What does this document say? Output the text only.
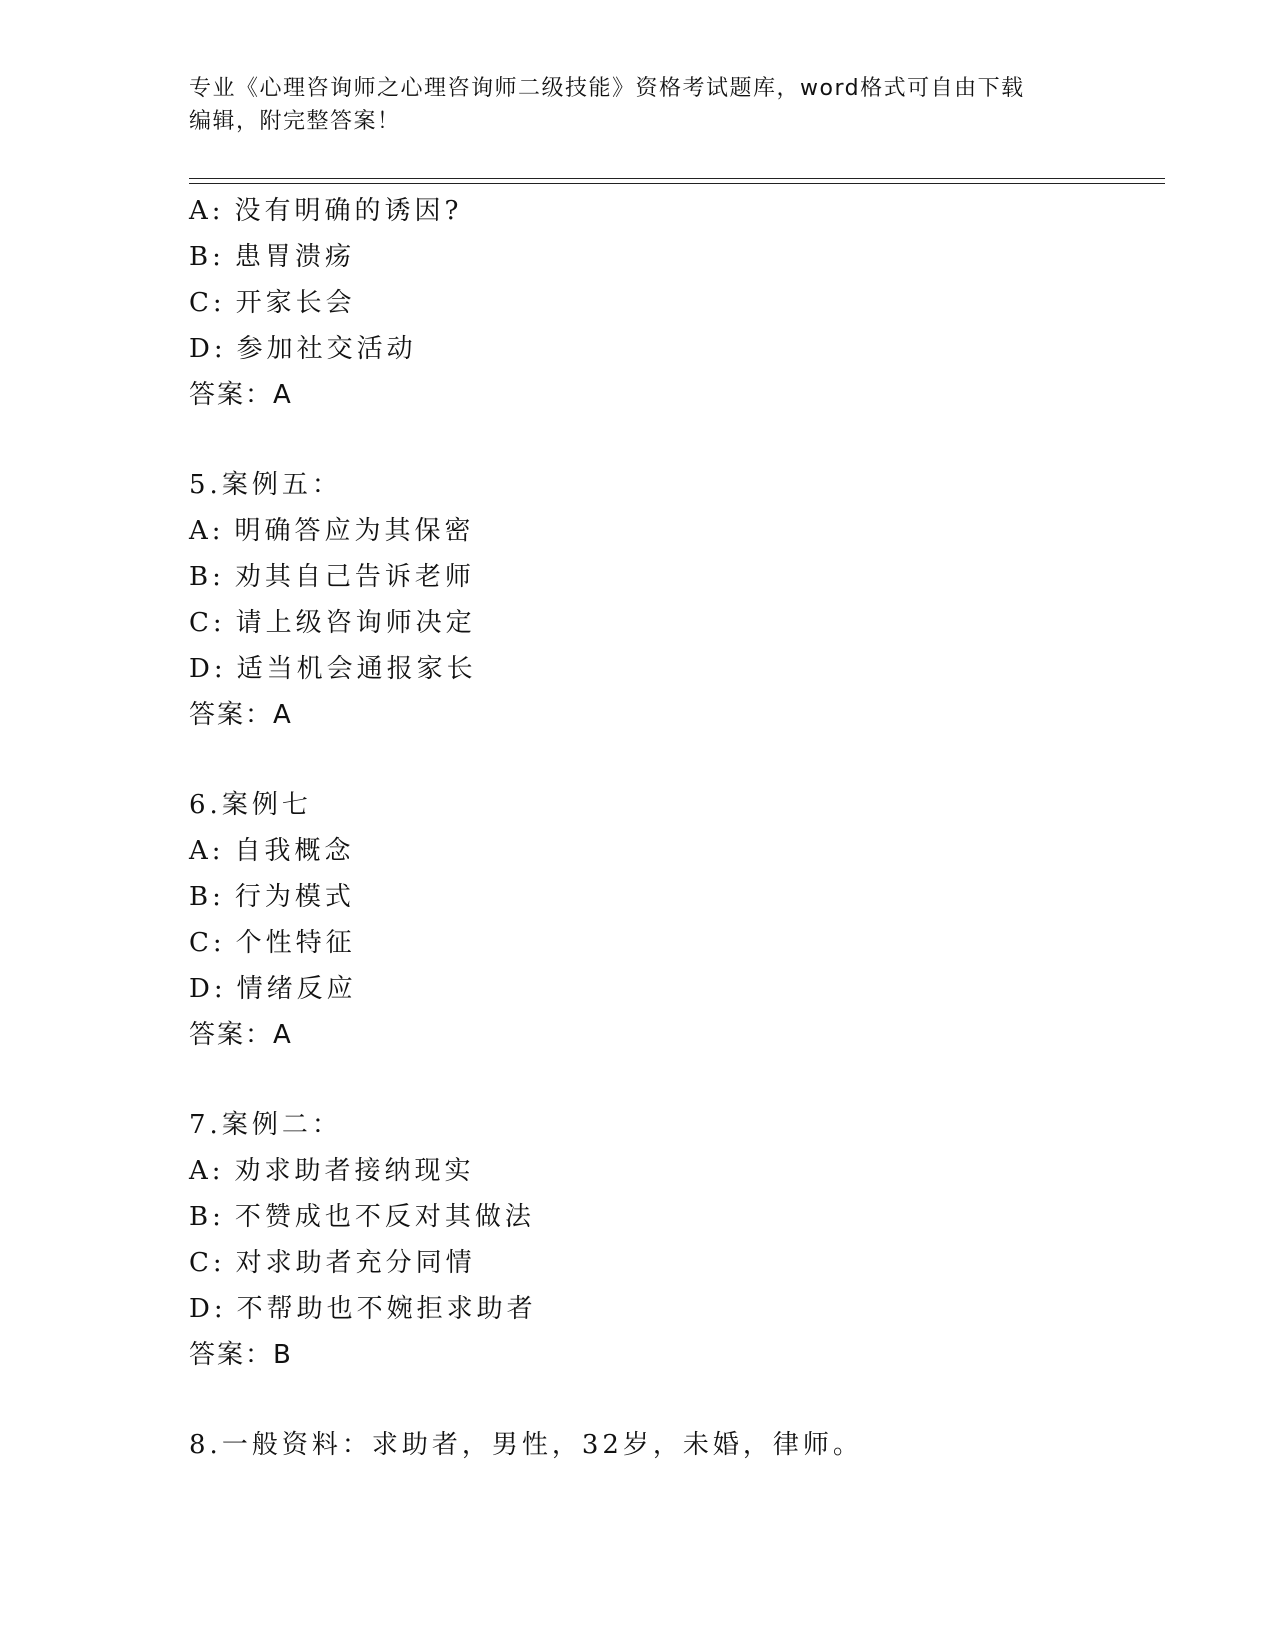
专业《心理咨询师之心理咨询师二级技能》资格考试题库，word格式可自由下载
编辑，附完整答案！
A: 没有明确的诱因?
B: 患胃溃疡
C: 开家长会
D: 参加社交活动
答案：A
5.案例五：
A: 明确答应为其保密
B: 劝其自己告诉老师
C: 请上级咨询师决定
D: 适当机会通报家长
答案：A
6.案例七
A: 自我概念
B: 行为模式
C: 个性特征
D: 情绪反应
答案：A
7.案例二：
A: 劝求助者接纳现实
B: 不赞成也不反对其做法
C: 对求助者充分同情
D: 不帮助也不婉拒求助者
答案：B
8.一般资料：求助者，男性，32岁，未婚，律师。
